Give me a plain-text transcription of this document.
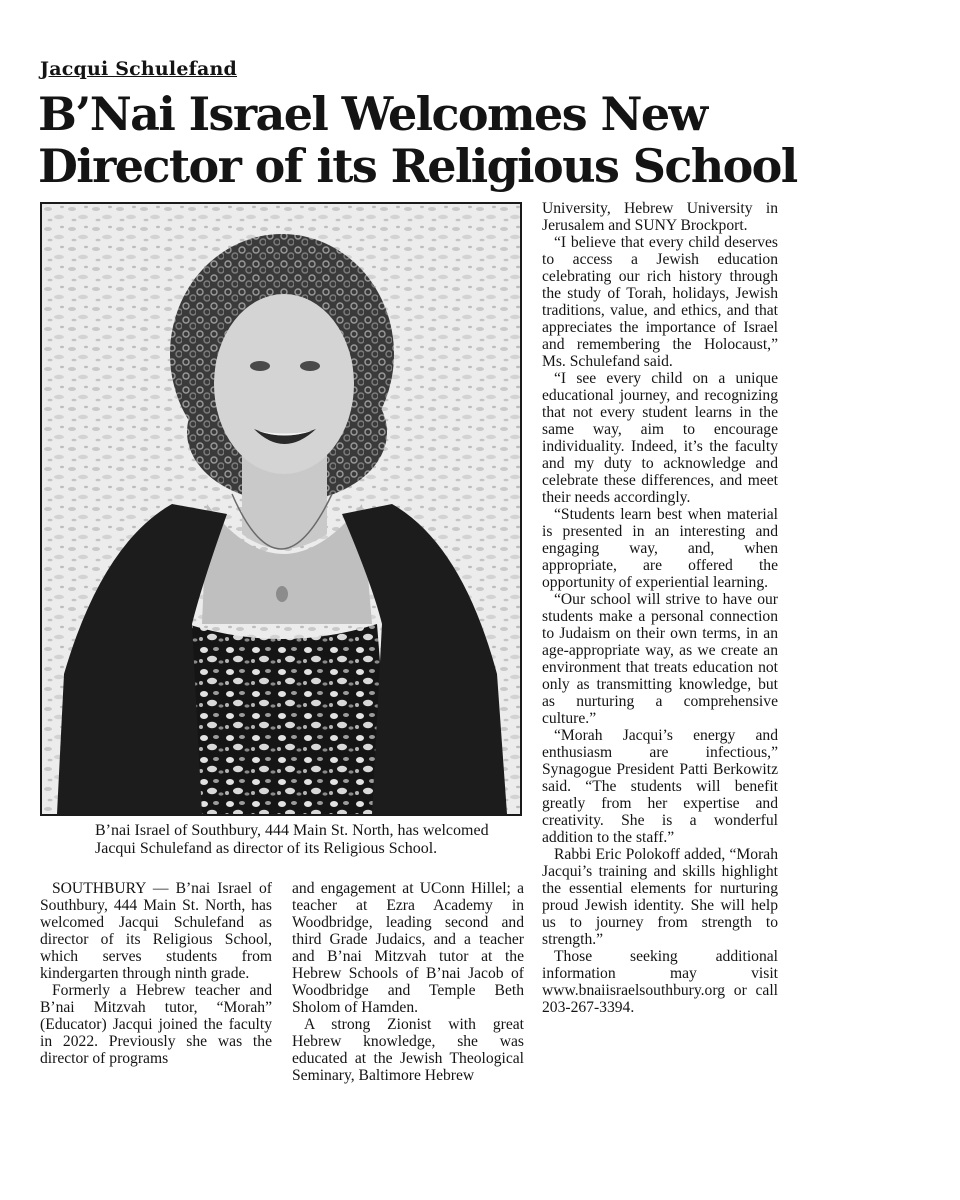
Jacqui Schulefand
B’Nai Israel Welcomes New
Director of its Religious School
B’nai Israel of Southbury, 444 Main St. North, has welcomed Jacqui Schulefand as director of its Religious School.

SOUTHBURY — B’nai Israel of Southbury, 444 Main St. North, has welcomed Jacqui Schulefand as director of its Religious School, which serves students from kindergarten through ninth grade.

Formerly a Hebrew teacher and B’nai Mitzvah tutor, “Morah” (Educator) Jacqui joined the faculty in 2022. Previously she was the director of programs

and engagement at UConn Hillel; a teacher at Ezra Academy in Woodbridge, leading second and third Grade Judaics, and a teacher and B’nai Mitzvah tutor at the Hebrew Schools of B’nai Jacob of Woodbridge and Temple Beth Sholom of Hamden.

A strong Zionist with great Hebrew knowledge, she was educated at the Jewish Theological Seminary, Baltimore Hebrew

University, Hebrew University in Jerusalem and SUNY Brockport.

“I believe that every child deserves to access a Jewish education celebrating our rich history through the study of Torah, holidays, Jewish traditions, value, and ethics, and that appreciates the importance of Israel and remembering the Holocaust,” Ms. Schulefand said.

“I see every child on a unique educational journey, and recognizing that not every student learns in the same way, aim to encourage individuality. Indeed, it’s the faculty and my duty to acknowledge and celebrate these differences, and meet their needs accordingly.

“Students learn best when material is presented in an interesting and engaging way, and, when appropriate, are offered the opportunity of experiential learning.

“Our school will strive to have our students make a personal connection to Judaism on their own terms, in an age-appropriate way, as we create an environment that treats education not only as transmitting knowledge, but as nurturing a comprehensive culture.”

“Morah Jacqui’s energy and enthusiasm are infectious,” Synagogue President Patti Berkowitz said. “The students will benefit greatly from her expertise and creativity. She is a wonderful addition to the staff.”

Rabbi Eric Polokoff added, “Morah Jacqui’s training and skills highlight the essential elements for nurturing proud Jewish identity. She will help us to journey from strength to strength.”

Those seeking additional information may visit www.bnaiisraelsouthbury.org or call 203-267-3394.
